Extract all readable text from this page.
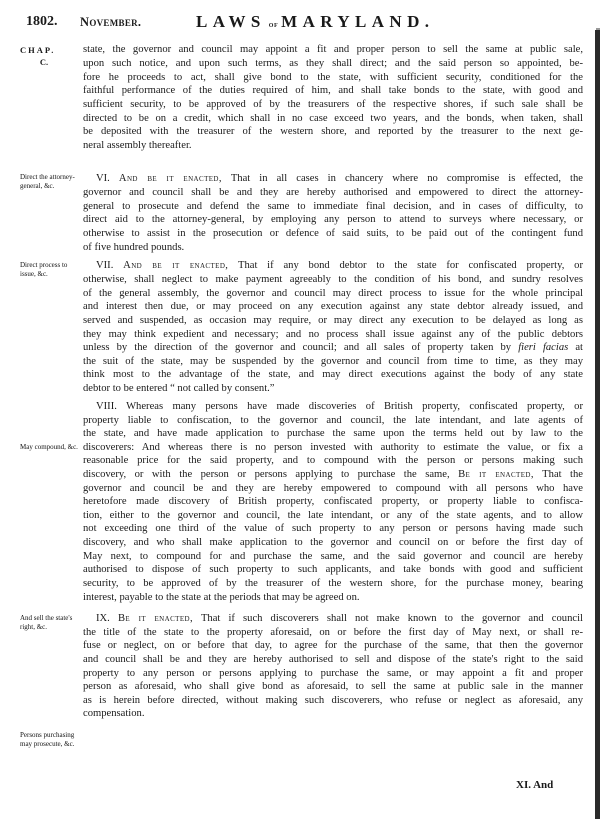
1802. November.	LAWS of MARYLAND.
CHAP.
C.
state, the governor and council may appoint a fit and proper person to sell the same at public sale,
upon such notice, and upon such terms, as they shall direct; and the said person so appointed, be-
fore he proceeds to act, shall give bond to the state, with sufficient security, conditioned for the
faithful performance of the duties required of him, and shall take bonds to the state, with good and
sufficient security, to be approved of by the treasurers of the respective shores, if such sale shall be
directed to be on a credit, which shall in no case exceed two years, and the bonds, when taken, shall
be deposited with the treasurer of the western shore, and reported by the treasurer to the next ge-
neral assembly thereafter.
Direct the attorney-general, &c.
VI. And be it enacted, That in all cases in chancery where no compromise is effected, the
governor and council shall be and they are hereby authorised and empowered to direct the attorney-
general to prosecute and defend the same to immediate final decision, and in cases of difficulty, to
direct aid to the attorney-general, by employing any person to attend to surveys where necessary, or
otherwise to assist in the prosecution or defence of said suits, to be paid out of the contingent fund
of five hundred pounds.
Direct process to issue, &c.
VII. And be it enacted, That if any bond debtor to the state for confiscated property, or
otherwise, shall neglect to make payment agreeably to the condition of his bond, and sundry resolves
of the general assembly, the governor and council may direct process to issue for the whole principal
and interest then due, or may proceed on any execution against any state debtor already issued, and
served and suspended, as occasion may require, or may direct any execution to be delayed as long as
they may think expedient and necessary; and no process shall issue against any of the public debtors
unless by the direction of the governor and council; and all sales of property taken by fieri facias at
the suit of the state, may be suspended by the governor and council from time to time, as they may
think most to the advantage of the state, and may direct executions against the body of any state
debtor to be entered “ not called by consent.”
May compound, &c.
VIII. Whereas many persons have made discoveries of British property, confiscated property, or
property liable to confiscation, to the governor and council, the late intendant, and late agents of
the state, and have made application to purchase the same upon the terms held out by law to the
discoverers: And whereas there is no person invested with authority to estimate the value, or fix a
reasonable price for the said property, and to compound with the person or persons making such
discovery, or with the person or persons applying to purchase the same, Be it enacted, That the
governor and council be and they are hereby empowered to compound with all persons who have
heretofore made discovery of British property, confiscated property, or property liable to confisca-
tion, either to the governor and council, the late intendant, or any of the state agents, and to allow
not exceeding one third of the value of such property to any person or persons having made such
discovery, and who shall make application to the governor and council on or before the first day of
May next, to compound for and purchase the same, and the said governor and council are hereby
authorised to dispose of such property to such applicants, and take bonds with good and sufficient
security, to be approved of by the treasurer of the western shore, for the purchase money, bearing
interest, payable to the state at the periods that may be agreed on.
And sell the state's right, &c.
IX. Be it enacted, That if such discoverers shall not make known to the governor and council
the title of the state to the property aforesaid, on or before the first day of May next, or shall re-
fuse or neglect, on or before that day, to agree for the purchase of the same, that then the governor
and council shall be and they are hereby authorised to sell and dispose of the state's right to the said
property to any person or persons applying to purchase the same, or may appoint a fit and proper
person as aforesaid, who shall give bond as aforesaid, to sell the same at public sale in the manner
as is herein before directed, without making such discoverers, who refuse or neglect as aforesaid, any
compensation.
Persons purchasing may prosecute, &c.
XI. And
